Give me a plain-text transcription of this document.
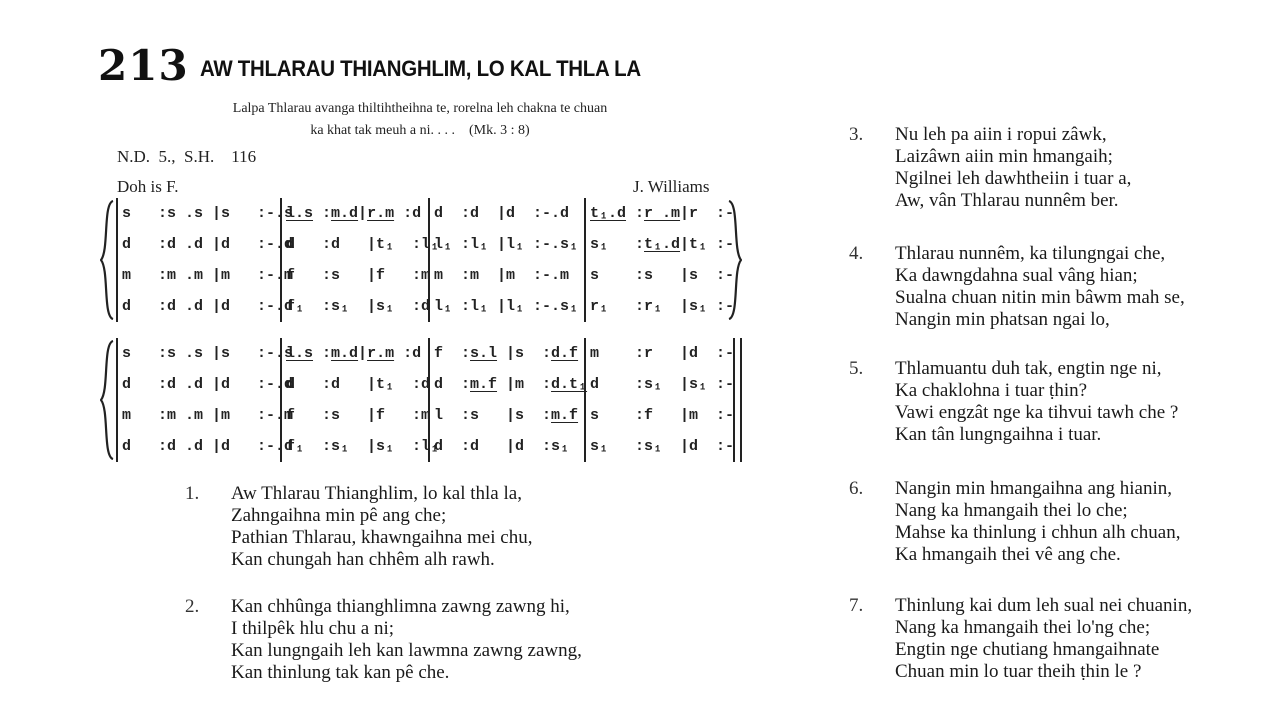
213 AW THLARAU THIANGHLIM, LO KAL THLA LA
Lalpa Thlarau avanga thiltihtheihna te, rorelna leh chakna te chuan
ka khat tak meuh a ni. . . .    (Mk. 3 : 8)
N.D.  5.,  S.H.    116
Doh is F.	J. Williams
s   :s .s |s   :-.s
d   :d .d |d   :-.d
m   :m .m |m   :-.m
d   :d .d |d   :-.d
l.s :m.d|r.m :d
d   :d   |t₁  :l₁
f   :s   |f   :m
f₁  :s₁  |s₁  :d
d  :d  |d  :-.d
l₁ :l₁ |l₁ :-.s₁
m  :m  |m  :-.m
l₁ :l₁ |l₁ :-.s₁
t₁.d :r .m|r  :-
s₁   :t₁.d|t₁ :-
s    :s   |s  :-
r₁   :r₁  |s₁ :-
s   :s .s |s   :-.s
d   :d .d |d   :-.d
m   :m .m |m   :-.m
d   :d .d |d   :-.d
l.s :m.d|r.m :d
d   :d   |t₁  :d
f   :s   |f   :m
f₁  :s₁  |s₁  :l₁
f  :s.l |s  :d.f
d  :m.f |m  :d.t₁
l  :s   |s  :m.f
d  :d   |d  :s₁
m    :r   |d  :-
d    :s₁  |s₁ :-
s    :f   |m  :-
s₁   :s₁  |d  :-
1. Aw Thlarau Thianghlim, lo kal thla la,
Zahngaihna min pê ang che;
Pathian Thlarau, khawngaihna mei chu,
Kan chungah han chhêm alh rawh.
2. Kan chhûnga thianghlimna zawng zawng hi,
I thilpêk hlu chu a ni;
Kan lungngaih leh kan lawmna zawng zawng,
Kan thinlung tak kan pê che.
3. Nu leh pa aiin i ropui zâwk,
Laizâwn aiin min hmangaih;
Ngilnei leh dawhtheiin i tuar a,
Aw, vân Thlarau nunnêm ber.
4. Thlarau nunnêm, ka tilungngai che,
Ka dawngdahna sual vâng hian;
Sualna chuan nitin min bâwm mah se,
Nangin min phatsan ngai lo,
5. Thlamuantu duh tak, engtin nge ni,
Ka chaklohna i tuar ṭhin?
Vawi engzât nge ka tihvui tawh che ?
Kan tân lungngaihna i tuar.
6. Nangin min hmangaihna ang hianin,
Nang ka hmangaih thei lo che;
Mahse ka thinlung i chhun alh chuan,
Ka hmangaih thei vê ang che.
7. Thinlung kai dum leh sual nei chuanin,
Nang ka hmangaih thei lo'ng che;
Engtin nge chutiang hmangaihnate
Chuan min lo tuar theih ṭhin le ?
